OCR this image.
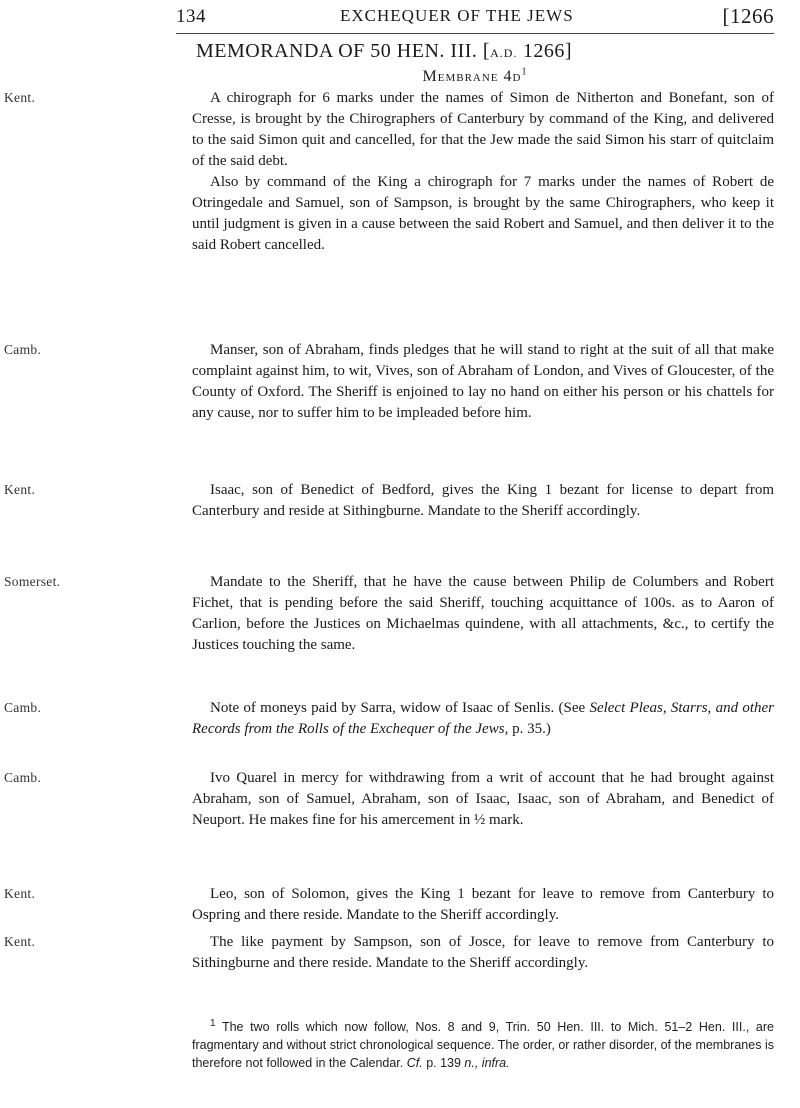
134	EXCHEQUER OF THE JEWS	[1266
MEMORANDA OF 50 HEN. III. [A.D. 1266]
Membrane $4d^1$
Kent.	A chirograph for 6 marks under the names of Simon de Nitherton and Bonefant, son of Cresse, is brought by the Chirographers of Canterbury by command of the King, and delivered to the said Simon quit and cancelled, for that the Jew made the said Simon his starr of quitclaim of the said debt.
Also by command of the King a chirograph for 7 marks under the names of Robert de Otringedale and Samuel, son of Sampson, is brought by the same Chirographers, who keep it until judgment is given in a cause between the said Robert and Samuel, and then deliver it to the said Robert cancelled.
Camb.	Manser, son of Abraham, finds pledges that he will stand to right at the suit of all that make complaint against him, to wit, Vives, son of Abraham of London, and Vives of Gloucester, of the County of Oxford. The Sheriff is enjoined to lay no hand on either his person or his chattels for any cause, nor to suffer him to be impleaded before him.
Kent.	Isaac, son of Benedict of Bedford, gives the King 1 bezant for license to depart from Canterbury and reside at Sithingburne. Mandate to the Sheriff accordingly.
Somerset.	Mandate to the Sheriff, that he have the cause between Philip de Columbers and Robert Fichet, that is pending before the said Sheriff, touching acquittance of 100s. as to Aaron of Carlion, before the Justices on Michaelmas quindene, with all attachments, &c., to certify the Justices touching the same.
Camb.	Note of moneys paid by Sarra, widow of Isaac of Senlis. (See Select Pleas, Starrs, and other Records from the Rolls of the Exchequer of the Jews, p. 35.)
Camb.	Ivo Quarel in mercy for withdrawing from a writ of account that he had brought against Abraham, son of Samuel, Abraham, son of Isaac, Isaac, son of Abraham, and Benedict of Neuport. He makes fine for his amercement in ½ mark.
Kent.	Leo, son of Solomon, gives the King 1 bezant for leave to remove from Canterbury to Ospring and there reside. Mandate to the Sheriff accordingly.
Kent.	The like payment by Sampson, son of Josce, for leave to remove from Canterbury to Sithingburne and there reside. Mandate to the Sheriff accordingly.
$^1$ The two rolls which now follow, Nos. 8 and 9, Trin. 50 Hen. III. to Mich. 51–2 Hen. III., are fragmentary and without strict chronological sequence. The order, or rather disorder, of the membranes is therefore not followed in the Calendar. Cf. p. 139 n., infra.
